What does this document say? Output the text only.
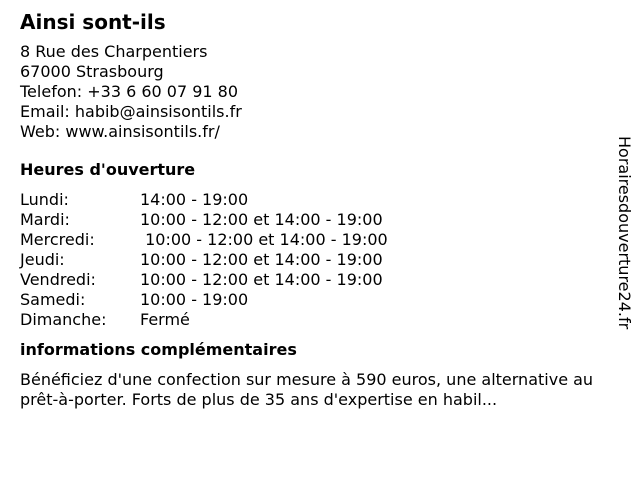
Ainsi sont-ils
8 Rue des Charpentiers
67000 Strasbourg
Telefon: +33 6 60 07 91 80
Email: habib@ainsisontils.fr
Web: www.ainsisontils.fr/
Heures d'ouverture
Lundi:	14:00 - 19:00
Mardi:	10:00 - 12:00 et 14:00 - 19:00
Mercredi:	10:00 - 12:00 et 14:00 - 19:00
Jeudi:	10:00 - 12:00 et 14:00 - 19:00
Vendredi:	10:00 - 12:00 et 14:00 - 19:00
Samedi:	10:00 - 19:00
Dimanche:	Fermé
informations complémentaires
Bénéficiez d'une confection sur mesure à 590 euros, une alternative au prêt-à-porter. Forts de plus de 35 ans d'expertise en habil...
Horairesdouverture24.fr
